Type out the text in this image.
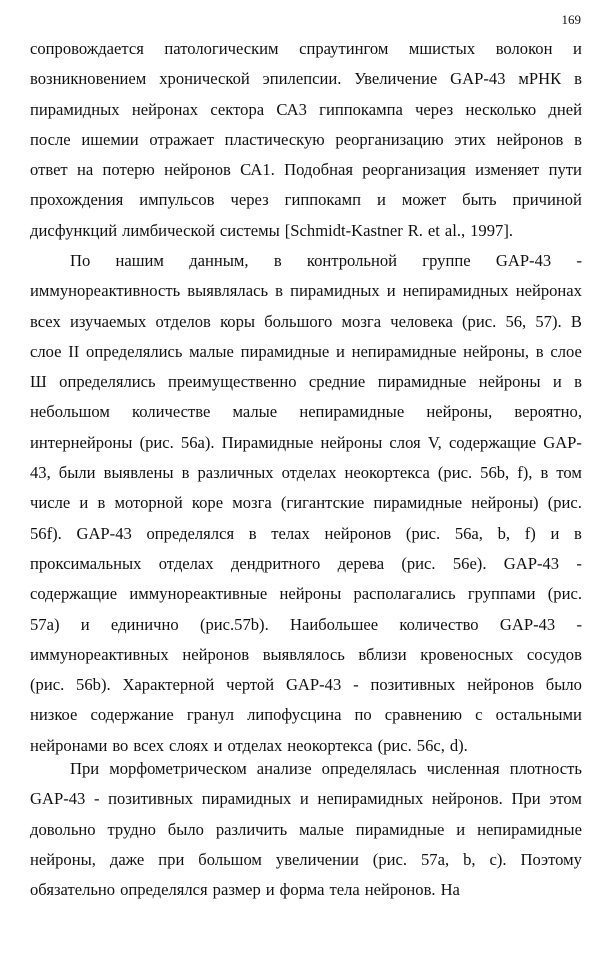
169
сопровождается патологическим спраутингом мшистых волокон и
возникновением хронической эпилепсии. Увеличение GAP-43 мРНК в
пирамидных нейронах сектора СА3 гиппокампа через несколько дней
после ишемии отражает пластическую реорганизацию этих нейронов в
ответ на потерю нейронов СА1. Подобная реорганизация изменяет пути
прохождения импульсов через гиппокамп и может быть причиной
дисфункций лимбической системы [Schmidt-Kastner R. et al., 1997].
По нашим данным, в контрольной группе GAP-43 -
иммунореактивность выявлялась в пирамидных и непирамидных нейронах
всех изучаемых отделов коры большого мозга человека (рис. 56, 57). В
слое II определялись малые пирамидные и непирамидные нейроны, в слое
Ш определялись преимущественно средние пирамидные нейроны и в
небольшом количестве малые непирамидные нейроны, вероятно,
интернейроны (рис. 56а). Пирамидные нейроны слоя V, содержащие GAP-
43, были выявлены в различных отделах неокортекса (рис. 56b, f), в том
числе и в моторной коре мозга (гигантские пирамидные нейроны) (рис.
56f). GAP-43 определялся в телах нейронов (рис. 56a, b, f) и в
проксимальных отделах дендритного дерева (рис. 56е). GAP-43 -
содержащие иммунореактивные нейроны располагались группами (рис.
57а) и единично (рис.57b). Наибольшее количество GAP-43 -
иммунореактивных нейронов выявлялось вблизи кровеносных сосудов
(рис. 56b). Характерной чертой GAP-43 - позитивных нейронов было
низкое содержание гранул липофусцина по сравнению с остальными
нейронами во всех слоях и отделах неокортекса (рис. 56с, d).
При морфометрическом анализе определялась численная плотность
GAP-43 - позитивных пирамидных и непирамидных нейронов. При этом
довольно трудно было различить малые пирамидные и непирамидные
нейроны, даже при большом увеличении (рис. 57а, b, c). Поэтому
обязательно определялся размер и форма тела нейронов. На
